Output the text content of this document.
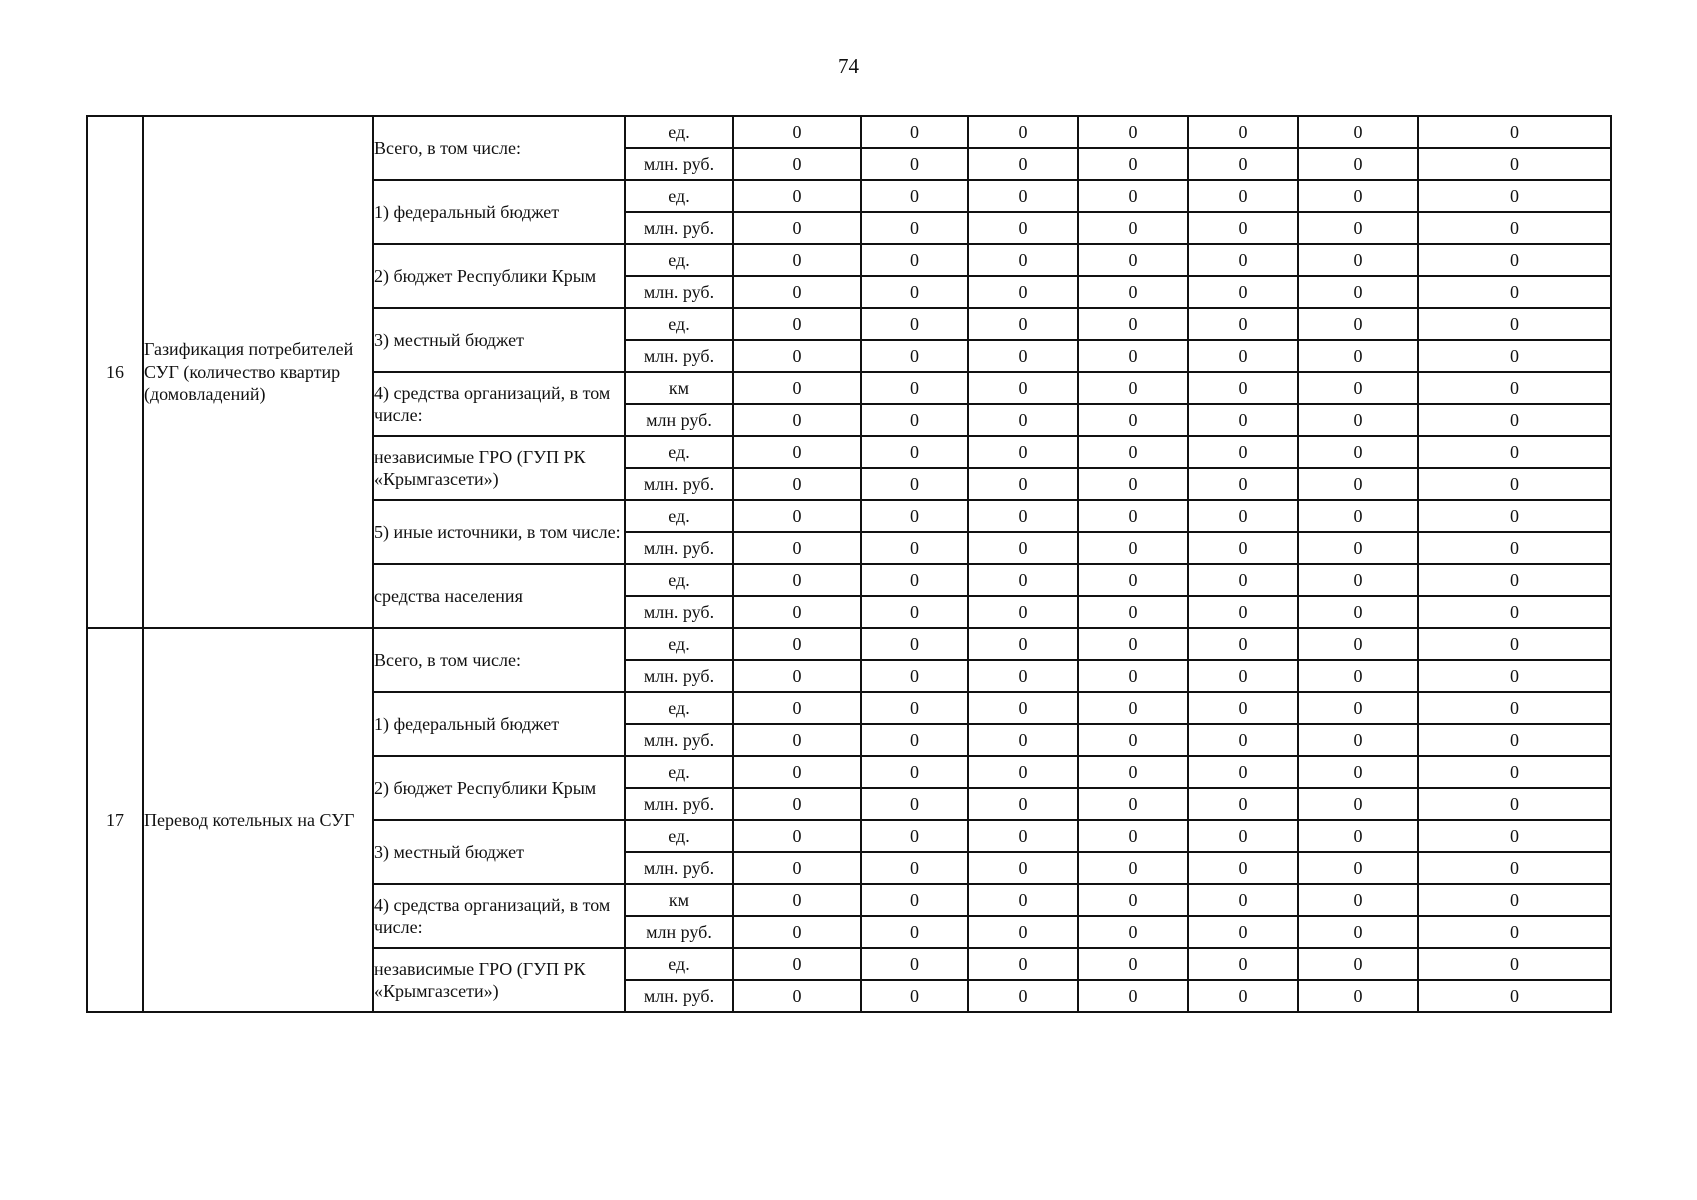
74
16	Газификация потребителей СУГ (количество квартир (домовладений)	Всего, в том числе:	ед.	0	0	0	0	0	0	0
			млн. руб.	0	0	0	0	0	0	0
		1) федеральный бюджет	ед.	0	0	0	0	0	0	0
			млн. руб.	0	0	0	0	0	0	0
		2) бюджет Республики Крым	ед.	0	0	0	0	0	0	0
			млн. руб.	0	0	0	0	0	0	0
		3) местный бюджет	ед.	0	0	0	0	0	0	0
			млн. руб.	0	0	0	0	0	0	0
		4) средства организаций, в том числе:	км	0	0	0	0	0	0	0
			млн руб.	0	0	0	0	0	0	0
		независимые ГРО (ГУП РК «Крымгазсети»)	ед.	0	0	0	0	0	0	0
			млн. руб.	0	0	0	0	0	0	0
		5) иные источники, в том числе:	ед.	0	0	0	0	0	0	0
			млн. руб.	0	0	0	0	0	0	0
		средства населения	ед.	0	0	0	0	0	0	0
			млн. руб.	0	0	0	0	0	0	0
17	Перевод котельных на СУГ	Всего, в том числе:	ед.	0	0	0	0	0	0	0
			млн. руб.	0	0	0	0	0	0	0
		1) федеральный бюджет	ед.	0	0	0	0	0	0	0
			млн. руб.	0	0	0	0	0	0	0
		2) бюджет Республики Крым	ед.	0	0	0	0	0	0	0
			млн. руб.	0	0	0	0	0	0	0
		3) местный бюджет	ед.	0	0	0	0	0	0	0
			млн. руб.	0	0	0	0	0	0	0
		4) средства организаций, в том числе:	км	0	0	0	0	0	0	0
			млн руб.	0	0	0	0	0	0	0
		независимые ГРО (ГУП РК «Крымгазсети»)	ед.	0	0	0	0	0	0	0
			млн. руб.	0	0	0	0	0	0	0
